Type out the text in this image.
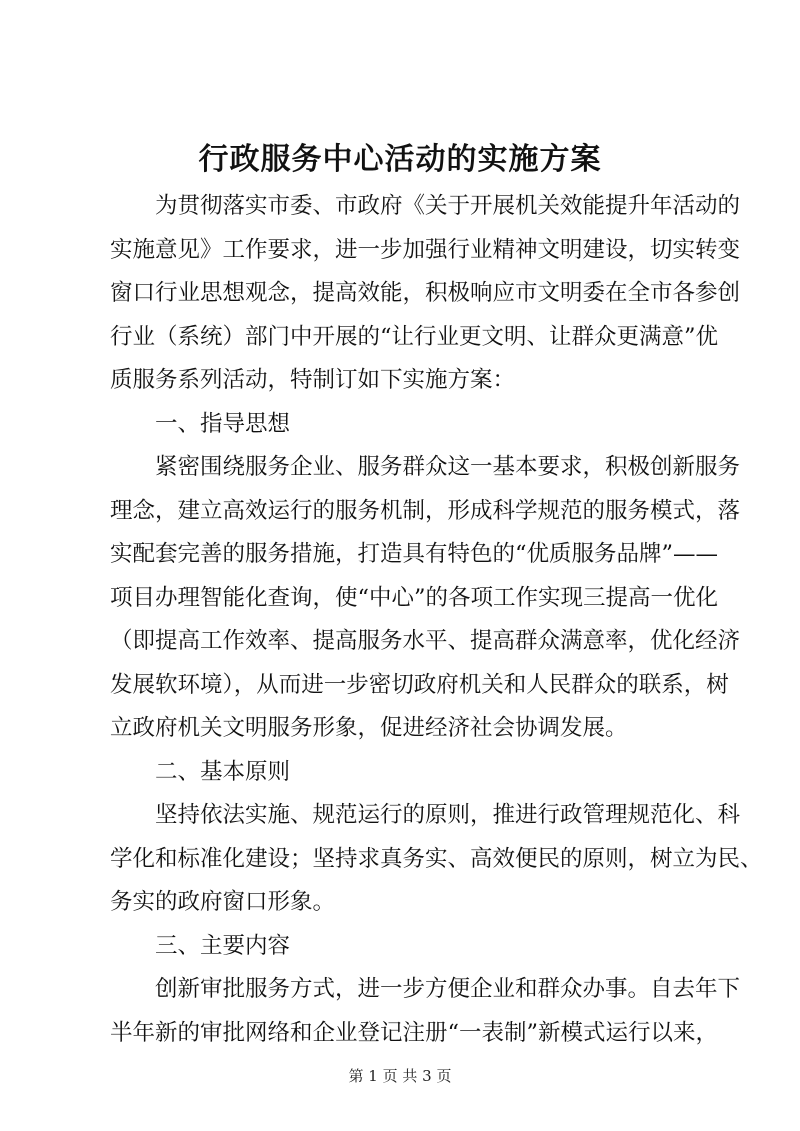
行政服务中心活动的实施方案
为贯彻落实市委、市政府《关于开展机关效能提升年活动的
实施意见》工作要求，进一步加强行业精神文明建设，切实转变
窗口行业思想观念，提高效能，积极响应市文明委在全市各参创
行业（系统）部门中开展的“让行业更文明、让群众更满意”优
质服务系列活动，特制订如下实施方案：
一、指导思想
紧密围绕服务企业、服务群众这一基本要求，积极创新服务
理念，建立高效运行的服务机制，形成科学规范的服务模式，落
实配套完善的服务措施，打造具有特色的“优质服务品牌”——
项目办理智能化查询，使“中心”的各项工作实现三提高一优化
（即提高工作效率、提高服务水平、提高群众满意率，优化经济
发展软环境），从而进一步密切政府机关和人民群众的联系，树
立政府机关文明服务形象，促进经济社会协调发展。
二、基本原则
坚持依法实施、规范运行的原则，推进行政管理规范化、科
学化和标准化建设；坚持求真务实、高效便民的原则，树立为民、
务实的政府窗口形象。
三、主要内容
创新审批服务方式，进一步方便企业和群众办事。自去年下
半年新的审批网络和企业登记注册“一表制”新模式运行以来，
第 1 页 共 3 页
